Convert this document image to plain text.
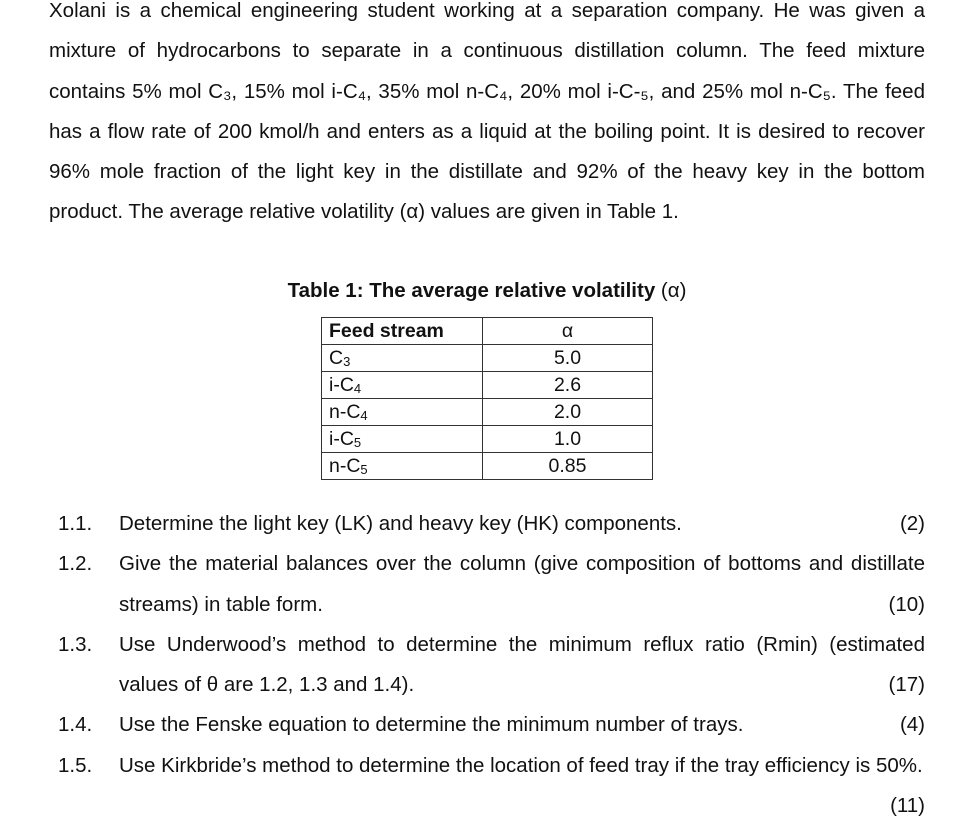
Xolani is a chemical engineering student working at a separation company. He was given a mixture of hydrocarbons to separate in a continuous distillation column. The feed mixture contains 5% mol C₃, 15% mol i-C₄, 35% mol n-C₄, 20% mol i-C-₅, and 25% mol n-C₅. The feed has a flow rate of 200 kmol/h and enters as a liquid at the boiling point. It is desired to recover 96% mole fraction of the light key in the distillate and 92% of the heavy key in the bottom product. The average relative volatility (α) values are given in Table 1.

Table 1: The average relative volatility (α)
Feed stream	α
$C_3$	5.0
$i-C_4$	2.6
$n-C_4$	2.0
$i-C_5$	1.0
$n-C_5$	0.85
1.1. Determine the light key (LK) and heavy key (HK) components.	(2)
1.2. Give the material balances over the column (give composition of bottoms and distillate streams) in table form.	(10)
1.3. Use Underwood’s method to determine the minimum reflux ratio (Rmin) (estimated values of θ are 1.2, 1.3 and 1.4).	(17)
1.4. Use the Fenske equation to determine the minimum number of trays.	(4)
1.5. Use Kirkbride’s method to determine the location of feed tray if the tray efficiency is 50%.
(11)
